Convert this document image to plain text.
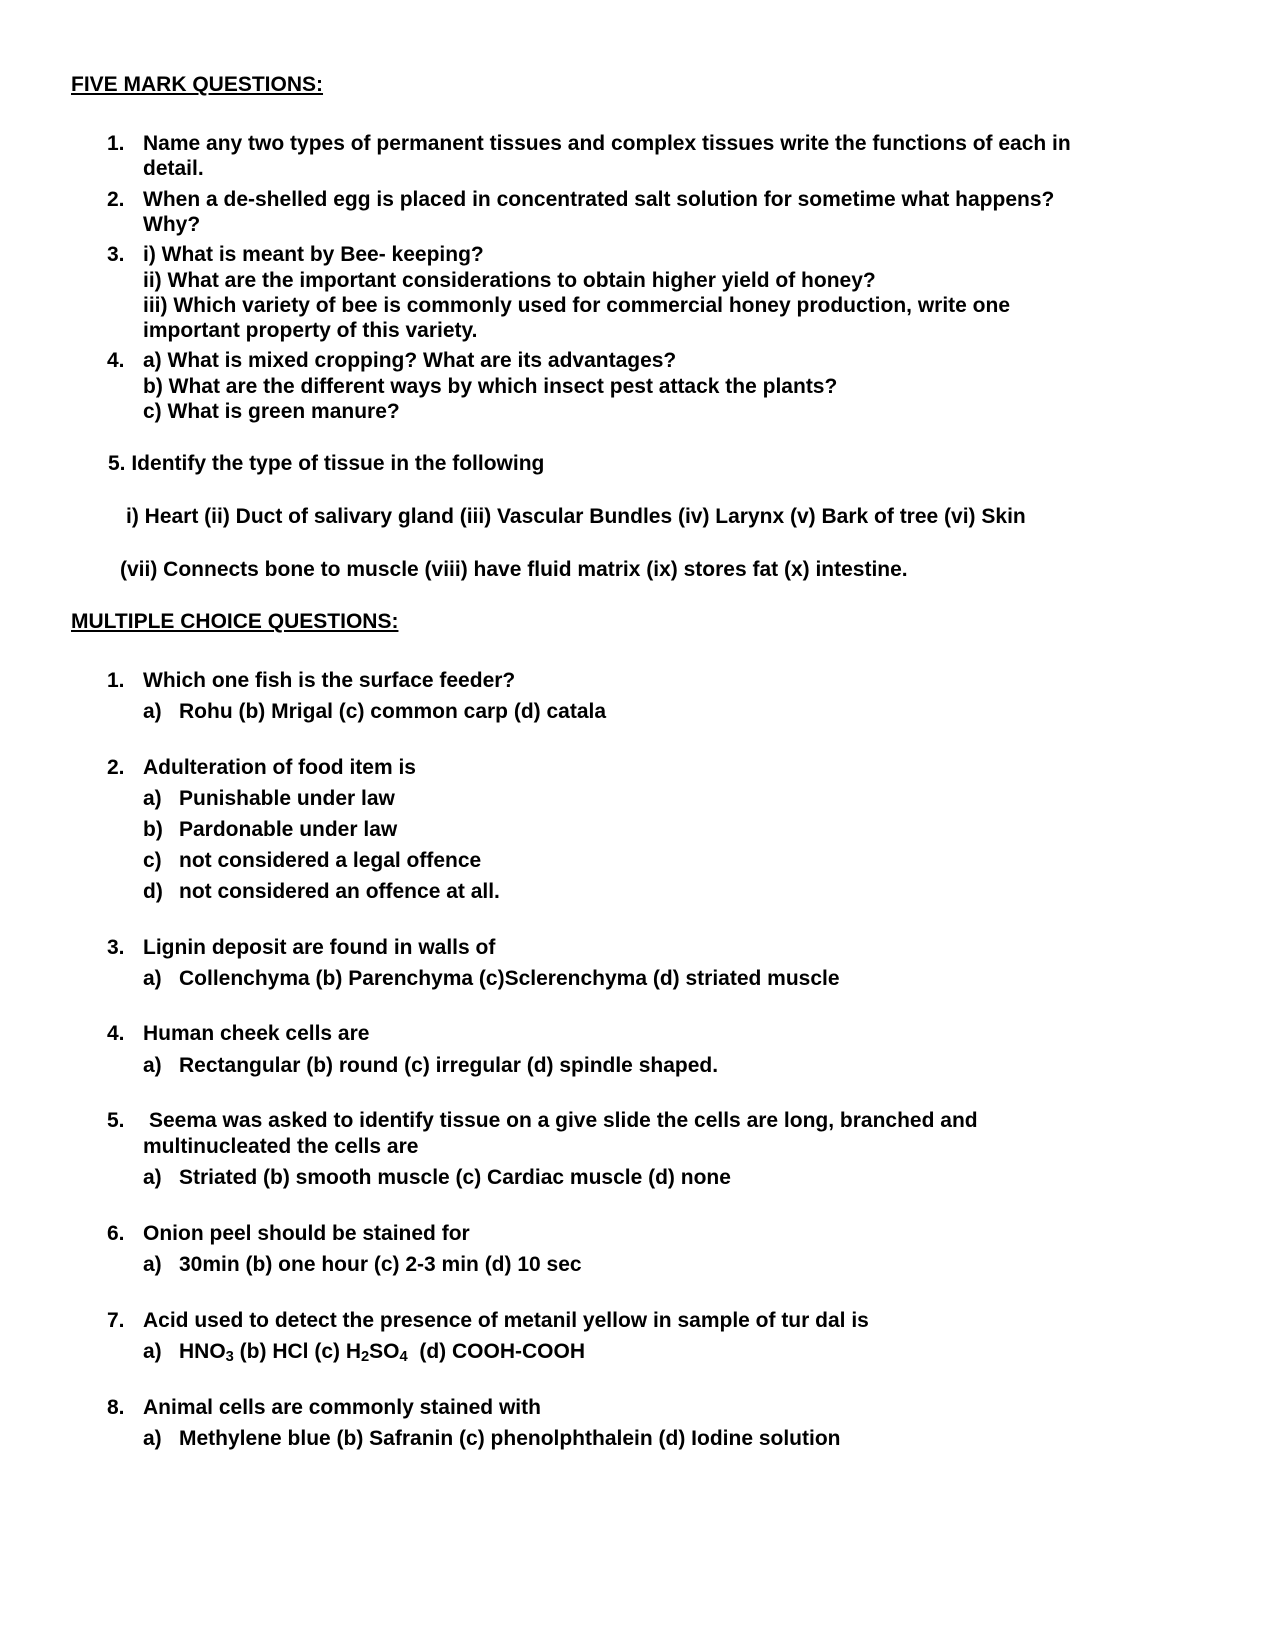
FIVE MARK QUESTIONS:
1. Name any two types of permanent tissues and complex tissues write the functions of each in
detail.
2. When a de-shelled egg is placed in concentrated salt solution for sometime what happens?
Why?
3. i) What is meant by Bee- keeping?
ii) What are the important considerations to obtain higher yield of honey?
iii) Which variety of bee is commonly used for commercial honey production, write one
important property of this variety.
4. a) What is mixed cropping? What are its advantages?
b) What are the different ways by which insect pest attack the plants?
c) What is green manure?
5. Identify the type of tissue in the following
i) Heart (ii) Duct of salivary gland (iii) Vascular Bundles (iv) Larynx (v) Bark of tree (vi) Skin
(vii) Connects bone to muscle (viii) have fluid matrix (ix) stores fat (x) intestine.
MULTIPLE CHOICE QUESTIONS:
1. Which one fish is the surface feeder?
a) Rohu (b) Mrigal (c) common carp (d) catala
2. Adulteration of food item is
a) Punishable under law
b) Pardonable under law
c) not considered a legal offence
d) not considered an offence at all.
3. Lignin deposit are found in walls of
a) Collenchyma (b) Parenchyma (c)Sclerenchyma (d) striated muscle
4. Human cheek cells are
a) Rectangular (b) round (c) irregular (d) spindle shaped.
5. Seema was asked to identify tissue on a give slide the cells are long, branched and
multinucleated the cells are
a) Striated (b) smooth muscle (c) Cardiac muscle (d) none
6. Onion peel should be stained for
a) 30min (b) one hour (c) 2-3 min (d) 10 sec
7. Acid used to detect the presence of metanil yellow in sample of tur dal is
a) $HNO_3$ (b) HCl (c) $H_2SO_4$  (d) COOH-COOH
8. Animal cells are commonly stained with
a) Methylene blue (b) Safranin (c) phenolphthalein (d) Iodine solution
